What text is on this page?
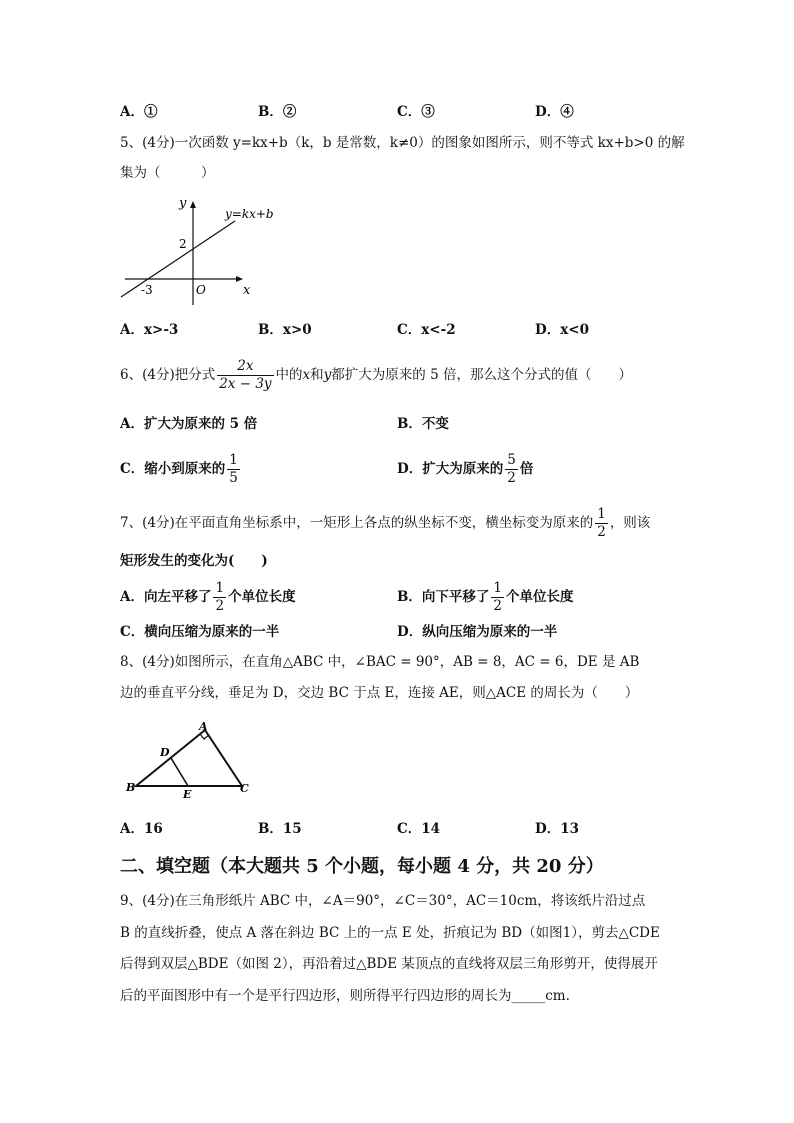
A．①	B．②	C．③	D．④
5、(4分)一次函数 y=kx+b（k，b 是常数，k≠0）的图象如图所示，则不等式 kx+b>0 的解
集为（　　　）
y
x
y=kx+b
2
-3	O
A．x>-3	B．x>0	C．x<-2	D．x<0
6、(4分)把分式 $\frac{2x}{2x - 3y}$ 中的x和y都扩大为原来的 5 倍，那么这个分式的值（　　）
A．扩大为原来的 5 倍	B．不变
C．缩小到原来的 $\frac{1}{5}$	D．扩大为原来的 $\frac{5}{2}$ 倍
7、(4分)在平面直角坐标系中，一矩形上各点的纵坐标不变，横坐标变为原来的 $\frac{1}{2}$ ，则该
矩形发生的变化为(　　)
A．向左平移了 $\frac{1}{2}$ 个单位长度	B．向下平移了 $\frac{1}{2}$ 个单位长度
C．横向压缩为原来的一半	D．纵向压缩为原来的一半
8、(4分)如图所示，在直角△ABC 中，∠BAC = 90°，AB = 8，AC = 6，DE 是 AB
边的垂直平分线，垂足为 D，交边 BC 于点 E，连接 AE，则△ACE 的周长为（　　）
A
B	C
D
E
A．16	B．15	C．14	D．13
二、填空题（本大题共 5 个小题，每小题 4 分，共 20 分）
9、(4分)在三角形纸片 ABC 中，∠A＝90°，∠C＝30°，AC＝10cm，将该纸片沿过点
B 的直线折叠，使点 A 落在斜边 BC 上的一点 E 处，折痕记为 BD（如图1），剪去△CDE
后得到双层△BDE（如图 2），再沿着过△BDE 某顶点的直线将双层三角形剪开，使得展开
后的平面图形中有一个是平行四边形，则所得平行四边形的周长为_____cm.
